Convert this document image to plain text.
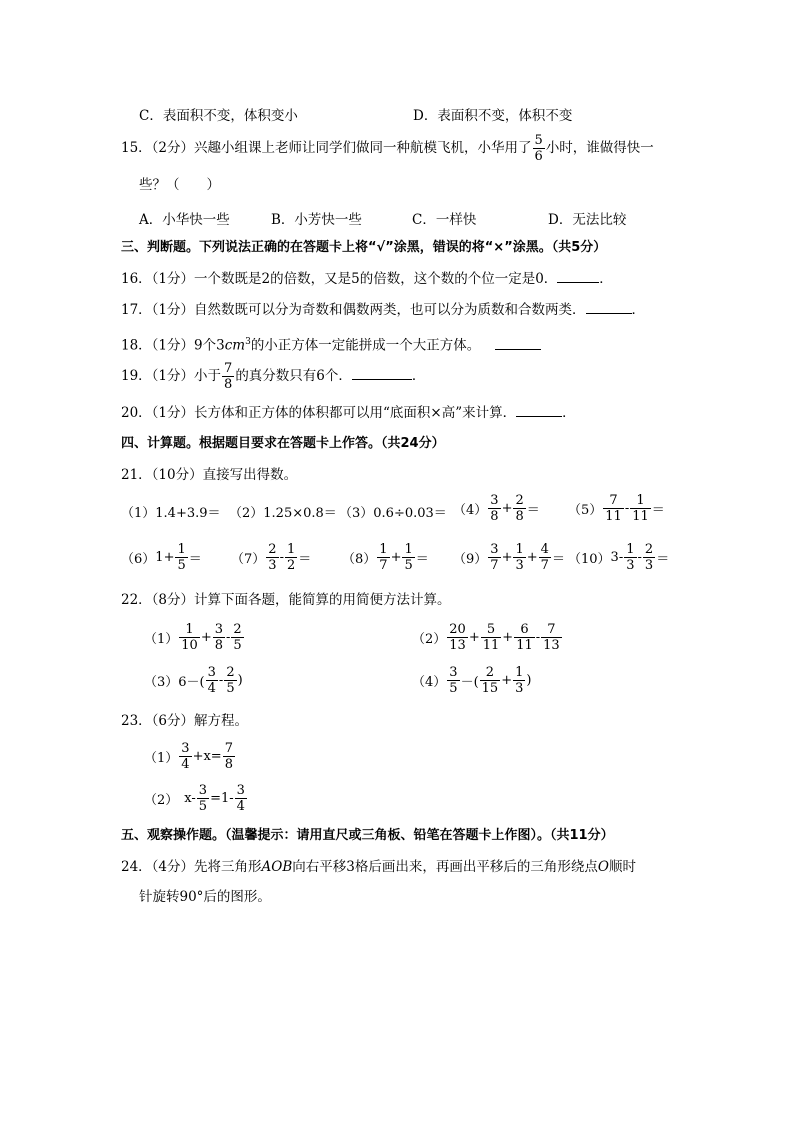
C．表面积不变，体积变小	D．表面积不变，体积不变
15．（2分）兴趣小组课上老师让同学们做同一种航模飞机，小华用了 $\frac{5}{6}$ 小时，谁做得快一
些？（　　）
A．小华快一些	B．小芳快一些	C．一样快	D．无法比较
三、判断题。下列说法正确的在答题卡上将“√”涂黑，错误的将“×”涂黑。（共5分）
16．（1分）一个数既是2的倍数，又是5的倍数，这个数的个位一定是0．	．
17．（1分）自然数既可以分为奇数和偶数两类，也可以分为质数和合数两类．	．
18．（1分）9个$3cm^3$的小正方体一定能拼成一个大正方体。
19．（1分）小于 $\frac{7}{8}$ 的真分数只有6个．	．
20．（1分）长方体和正方体的体积都可以用“底面积×高”来计算．	．
四、计算题。根据题目要求在答题卡上作答。（共24分）
21．（10分）直接写出得数。
$(1)1.4+3.9= (2)1.25\times 0.8= (3)0.6\div 0.03= (4) \frac{3}{8} + \frac{2}{8} = (5) \frac{7}{11} - \frac{1}{11}$ ＝
$(6)1+ \frac{1}{5} = (7) \frac{2}{3} - \frac{1}{2} = (8) \frac{1}{7} + \frac{1}{5} = (9) \frac{3}{7} + \frac{1}{3} + \frac{4}{7} = (10)3- \frac{1}{3} - \frac{2}{3}$ ＝
22．（8分）计算下面各题，能简算的用简便方法计算。
$(1) \frac{1}{10} + \frac{3}{8} - \frac{2}{5}$	$(2) \frac{20}{13} + \frac{5}{11} + \frac{6}{11} - \frac{7}{13}$
$(3)6-( \frac{3}{4} - \frac{2}{5}$ )	$(4) \frac{3}{5}$ －( $\frac{2}{15} + \frac{1}{3}$ )
23．（6分）解方程。
$(1) \frac{3}{4} +x= \frac{7}{8}$
（2） $x- \frac{3}{5} =1- \frac{3}{4}$
五、观察操作题。（温馨提示：请用直尺或三角板、铅笔在答题卡上作图）。（共11分）
24．（4分）先将三角形AOB向右平移3格后画出来，再画出平移后的三角形绕点O顺时
针旋转90°后的图形。
